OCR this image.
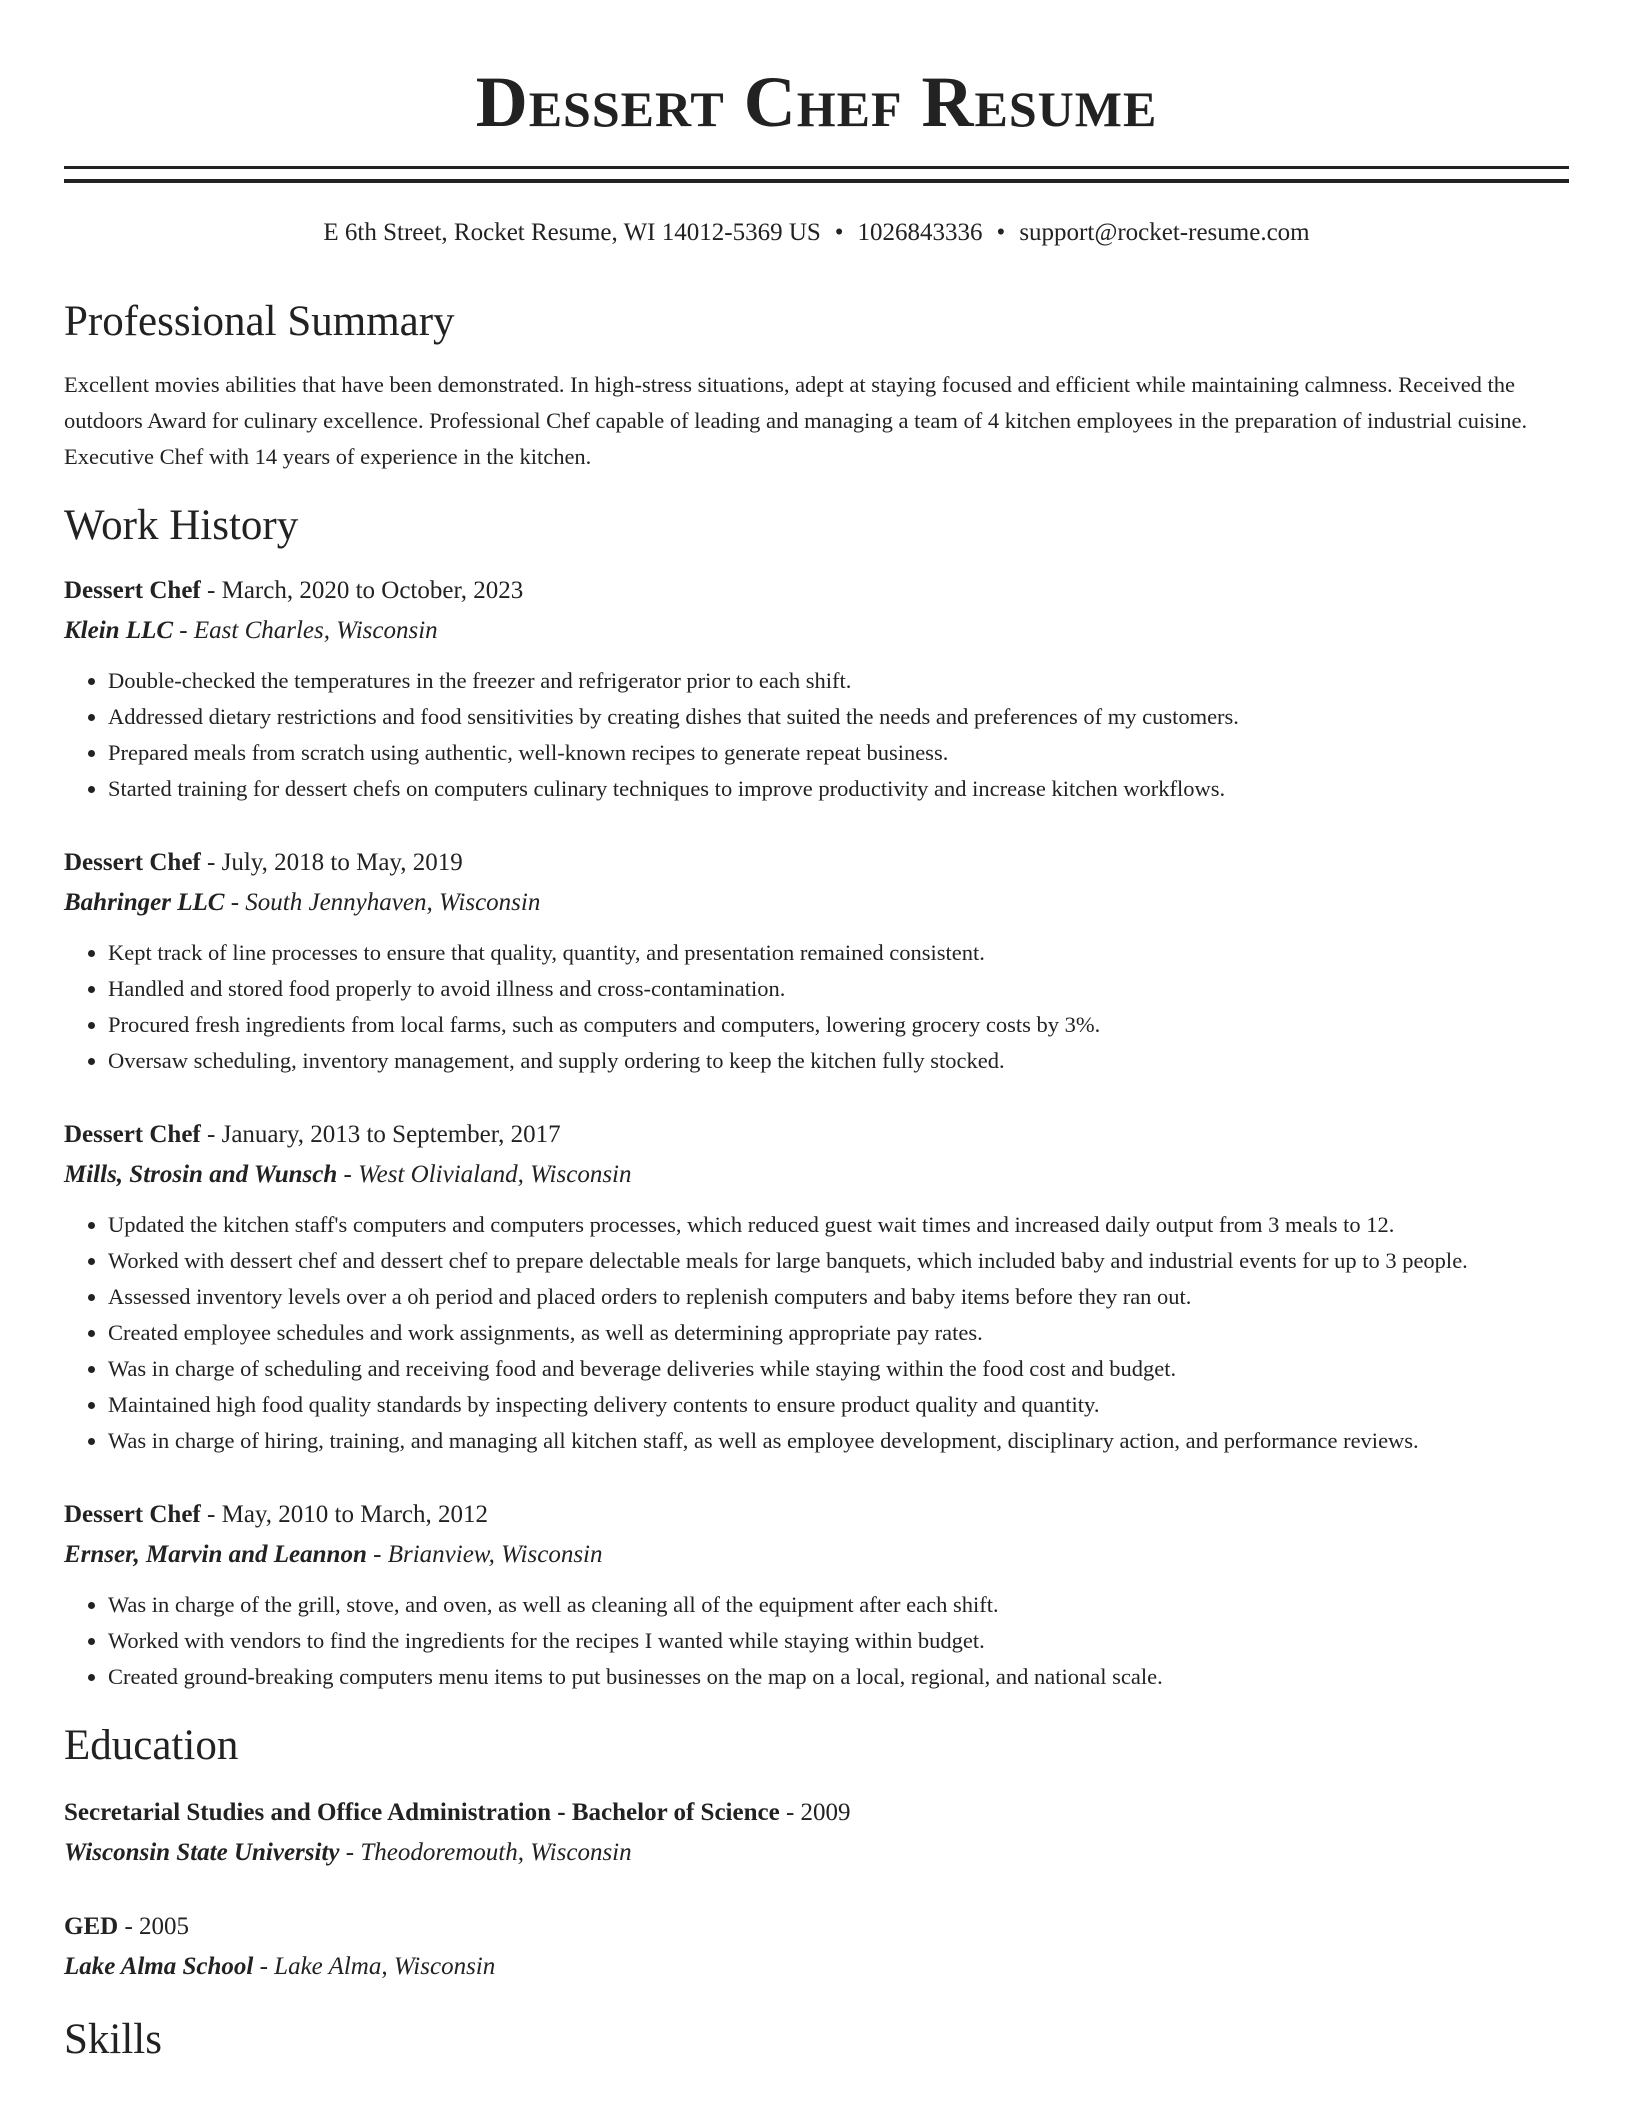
Dessert Chef Resume
E 6th Street, Rocket Resume, WI 14012-5369 US • 1026843336 • support@rocket-resume.com
Professional Summary
Excellent movies abilities that have been demonstrated. In high-stress situations, adept at staying focused and efficient while maintaining calmness. Received the outdoors Award for culinary excellence. Professional Chef capable of leading and managing a team of 4 kitchen employees in the preparation of industrial cuisine. Executive Chef with 14 years of experience in the kitchen.
Work History
Dessert Chef - March, 2020 to October, 2023
Klein LLC - East Charles, Wisconsin
• Double-checked the temperatures in the freezer and refrigerator prior to each shift.
• Addressed dietary restrictions and food sensitivities by creating dishes that suited the needs and preferences of my customers.
• Prepared meals from scratch using authentic, well-known recipes to generate repeat business.
• Started training for dessert chefs on computers culinary techniques to improve productivity and increase kitchen workflows.
Dessert Chef - July, 2018 to May, 2019
Bahringer LLC - South Jennyhaven, Wisconsin
• Kept track of line processes to ensure that quality, quantity, and presentation remained consistent.
• Handled and stored food properly to avoid illness and cross-contamination.
• Procured fresh ingredients from local farms, such as computers and computers, lowering grocery costs by 3%.
• Oversaw scheduling, inventory management, and supply ordering to keep the kitchen fully stocked.
Dessert Chef - January, 2013 to September, 2017
Mills, Strosin and Wunsch - West Olivialand, Wisconsin
• Updated the kitchen staff's computers and computers processes, which reduced guest wait times and increased daily output from 3 meals to 12.
• Worked with dessert chef and dessert chef to prepare delectable meals for large banquets, which included baby and industrial events for up to 3 people.
• Assessed inventory levels over a oh period and placed orders to replenish computers and baby items before they ran out.
• Created employee schedules and work assignments, as well as determining appropriate pay rates.
• Was in charge of scheduling and receiving food and beverage deliveries while staying within the food cost and budget.
• Maintained high food quality standards by inspecting delivery contents to ensure product quality and quantity.
• Was in charge of hiring, training, and managing all kitchen staff, as well as employee development, disciplinary action, and performance reviews.
Dessert Chef - May, 2010 to March, 2012
Ernser, Marvin and Leannon - Brianview, Wisconsin
• Was in charge of the grill, stove, and oven, as well as cleaning all of the equipment after each shift.
• Worked with vendors to find the ingredients for the recipes I wanted while staying within budget.
• Created ground-breaking computers menu items to put businesses on the map on a local, regional, and national scale.
Education
Secretarial Studies and Office Administration - Bachelor of Science - 2009
Wisconsin State University - Theodoremouth, Wisconsin
GED - 2005
Lake Alma School - Lake Alma, Wisconsin
Skills
